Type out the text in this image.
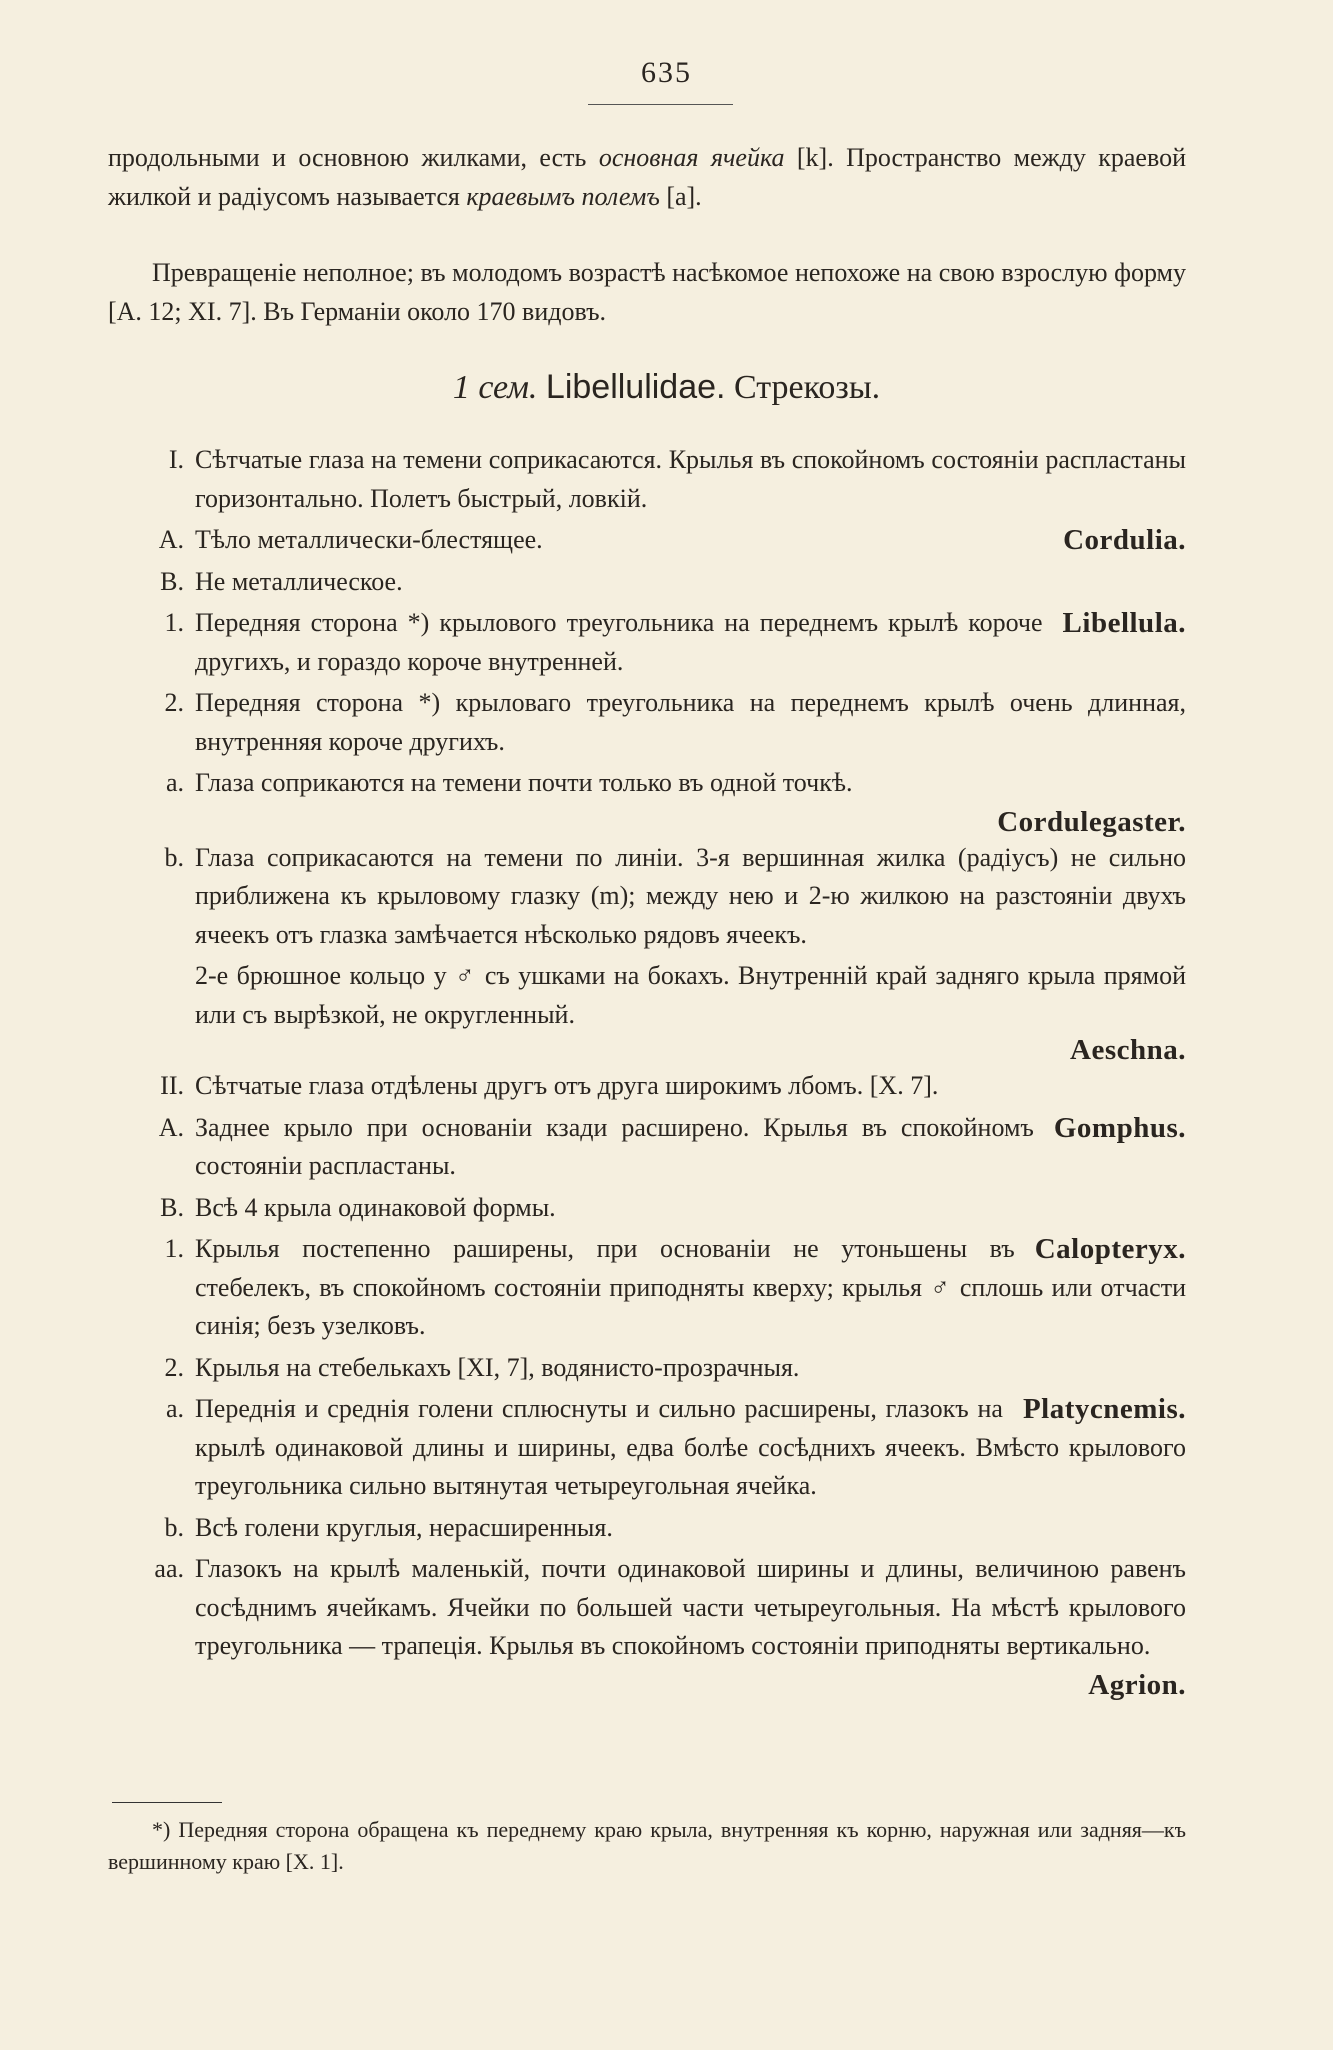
635
продольными и основною жилками, есть основная ячейка [k]. Пространство между краевой жилкой и радіусомъ называется краевымъ полемъ [a].
Превращеніе неполное; въ молодомъ возрастѣ насѣкомое непохоже на свою взрослую форму [А. 12; XI. 7]. Въ Германіи около 170 видовъ.
1 сем. Libellulidae. Стрекозы.
I. Сѣтчатые глаза на темени соприкасаются. Крылья въ спокойномъ состояніи распластаны горизонтально. Полетъ быстрый, ловкій.
A.	Cordulia.
Тѣло металлически-блестящее.
B. Не металлическое.
1.	Libellula.
Передняя сторона *) крылового треугольника на переднемъ крылѣ короче другихъ, и гораздо короче внутренней.
2. Передняя сторона *) крыловаго треугольника на переднемъ крылѣ очень длинная, внутренняя короче другихъ.
a. Глаза соприкаются на темени почти только въ одной точкѣ.
Cordulegaster.
b. Глаза соприкасаются на темени по линіи. 3-я вершинная жилка (радіусъ) не сильно приближена къ крыловому глазку (m); между нею и 2-ю жилкою на разстояніи двухъ ячеекъ отъ глазка замѣчается нѣсколько рядовъ ячеекъ.
2-е брюшное кольцо у ♂ съ ушками на бокахъ. Внутренній край задняго крыла прямой или съ вырѣзкой, не округленный.
Aeschna.
II. Сѣтчатые глаза отдѣлены другъ отъ друга широкимъ лбомъ. [X. 7].
A.	Gomphus.
Заднее крыло при основаніи кзади расширено. Крылья въ спокойномъ состояніи распластаны.
B. Всѣ 4 крыла одинаковой формы.
1.	Calopteryx.
Крылья постепенно раширены, при основаніи не утоньшены въ стебелекъ, въ спокойномъ состояніи приподняты кверху; крылья ♂ сплошь или отчасти синія; безъ узелковъ.
2. Крылья на стебелькахъ [XI, 7], водянисто-прозрачныя.
a.	Platycnemis.
Переднія и среднія голени сплюснуты и сильно расширены, глазокъ на крылѣ одинаковой длины и ширины, едва болѣе сосѣднихъ ячеекъ. Вмѣсто крылового треугольника сильно вытянутая четыреугольная ячейка.
b. Всѣ голени круглыя, нерасширенныя.
aa. Глазокъ на крылѣ маленькій, почти одинаковой ширины и длины, величиною равенъ сосѣднимъ ячейкамъ. Ячейки по большей части четыреугольныя. На мѣстѣ крылового треугольника — трапеція. Крылья въ спокойномъ состояніи приподняты вертикально.
Agrion.
*) Передняя сторона обращена къ переднему краю крыла, внутренняя къ корню, наружная или задняя—къ вершинному краю [X. 1].
